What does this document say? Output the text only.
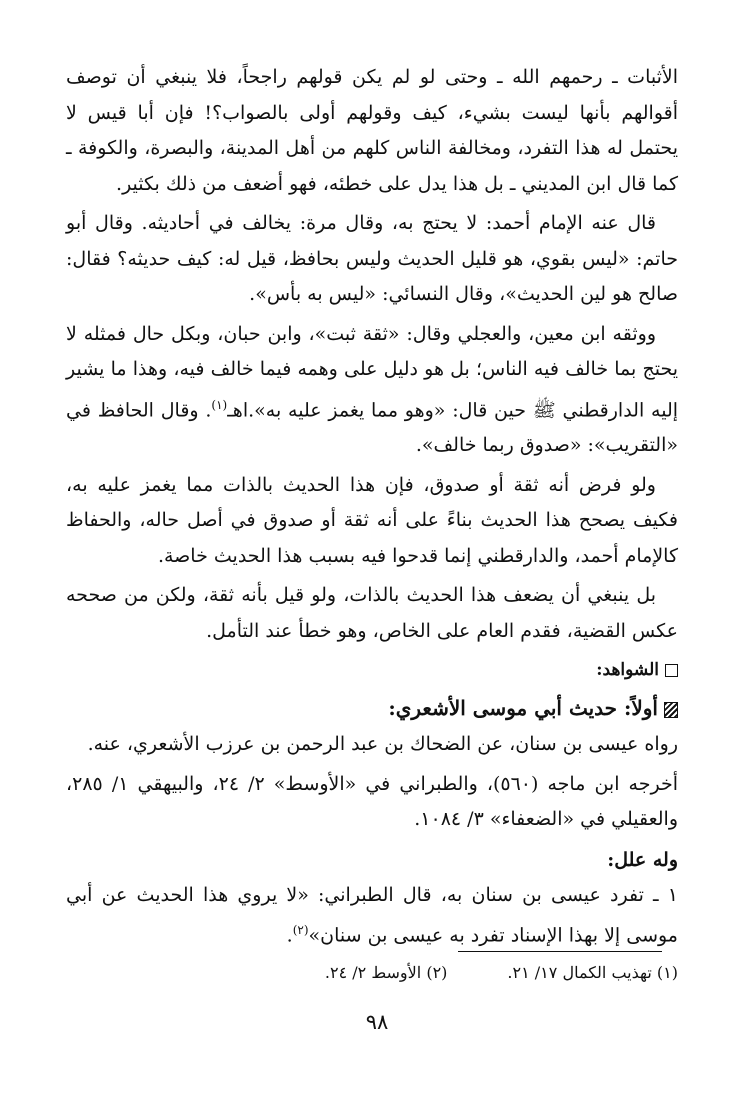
الأثبات ـ رحمهم الله ـ وحتى لو لم يكن قولهم راجحاً، فلا ينبغي أن توصف أقوالهم بأنها ليست بشيء، كيف وقولهم أولى بالصواب؟! فإن أبا قيس لا يحتمل له هذا التفرد، ومخالفة الناس كلهم من أهل المدينة، والبصرة، والكوفة ـ كما قال ابن المديني ـ بل هذا يدل على خطئه، فهو أضعف من ذلك بكثير.

قال عنه الإمام أحمد: لا يحتج به، وقال مرة: يخالف في أحاديثه. وقال أبو حاتم: «ليس بقوي، هو قليل الحديث وليس بحافظ، قيل له: كيف حديثه؟ فقال: صالح هو لين الحديث»، وقال النسائي: «ليس به بأس».

ووثقه ابن معين، والعجلي وقال: «ثقة ثبت»، وابن حبان، وبكل حال فمثله لا يحتج بما خالف فيه الناس؛ بل هو دليل على وهمه فيما خالف فيه، وهذا ما يشير إليه الدارقطني ﷺ حين قال: «وهو مما يغمز عليه به».اهـ$^{(١)}$. وقال الحافظ في «التقريب»: «صدوق ربما خالف».

ولو فرض أنه ثقة أو صدوق، فإن هذا الحديث بالذات مما يغمز عليه به، فكيف يصحح هذا الحديث بناءً على أنه ثقة أو صدوق في أصل حاله، والحفاظ كالإمام أحمد، والدارقطني إنما قدحوا فيه بسبب هذا الحديث خاصة.

بل ينبغي أن يضعف هذا الحديث بالذات، ولو قيل بأنه ثقة، ولكن من صححه عكس القضية، فقدم العام على الخاص، وهو خطأ عند التأمل.

الشواهد:

أولاً: حديث أبي موسى الأشعري:

رواه عيسى بن سنان، عن الضحاك بن عبد الرحمن بن عرزب الأشعري، عنه.

أخرجه ابن ماجه (٥٦٠)، والطبراني في «الأوسط» ٢/ ٢٤، والبيهقي ١/ ٢٨٥، والعقيلي في «الضعفاء» ٣/ ١٠٨٤.

وله علل:

١ ـ تفرد عيسى بن سنان به، قال الطبراني: «لا يروي هذا الحديث عن أبي موسى إلا بهذا الإسناد تفرد به عيسى بن سنان»$^{(٢)}$.

(١) تهذيب الكمال ١٧/ ٢١.
(٢) الأوسط ٢/ ٢٤.
٩٨
